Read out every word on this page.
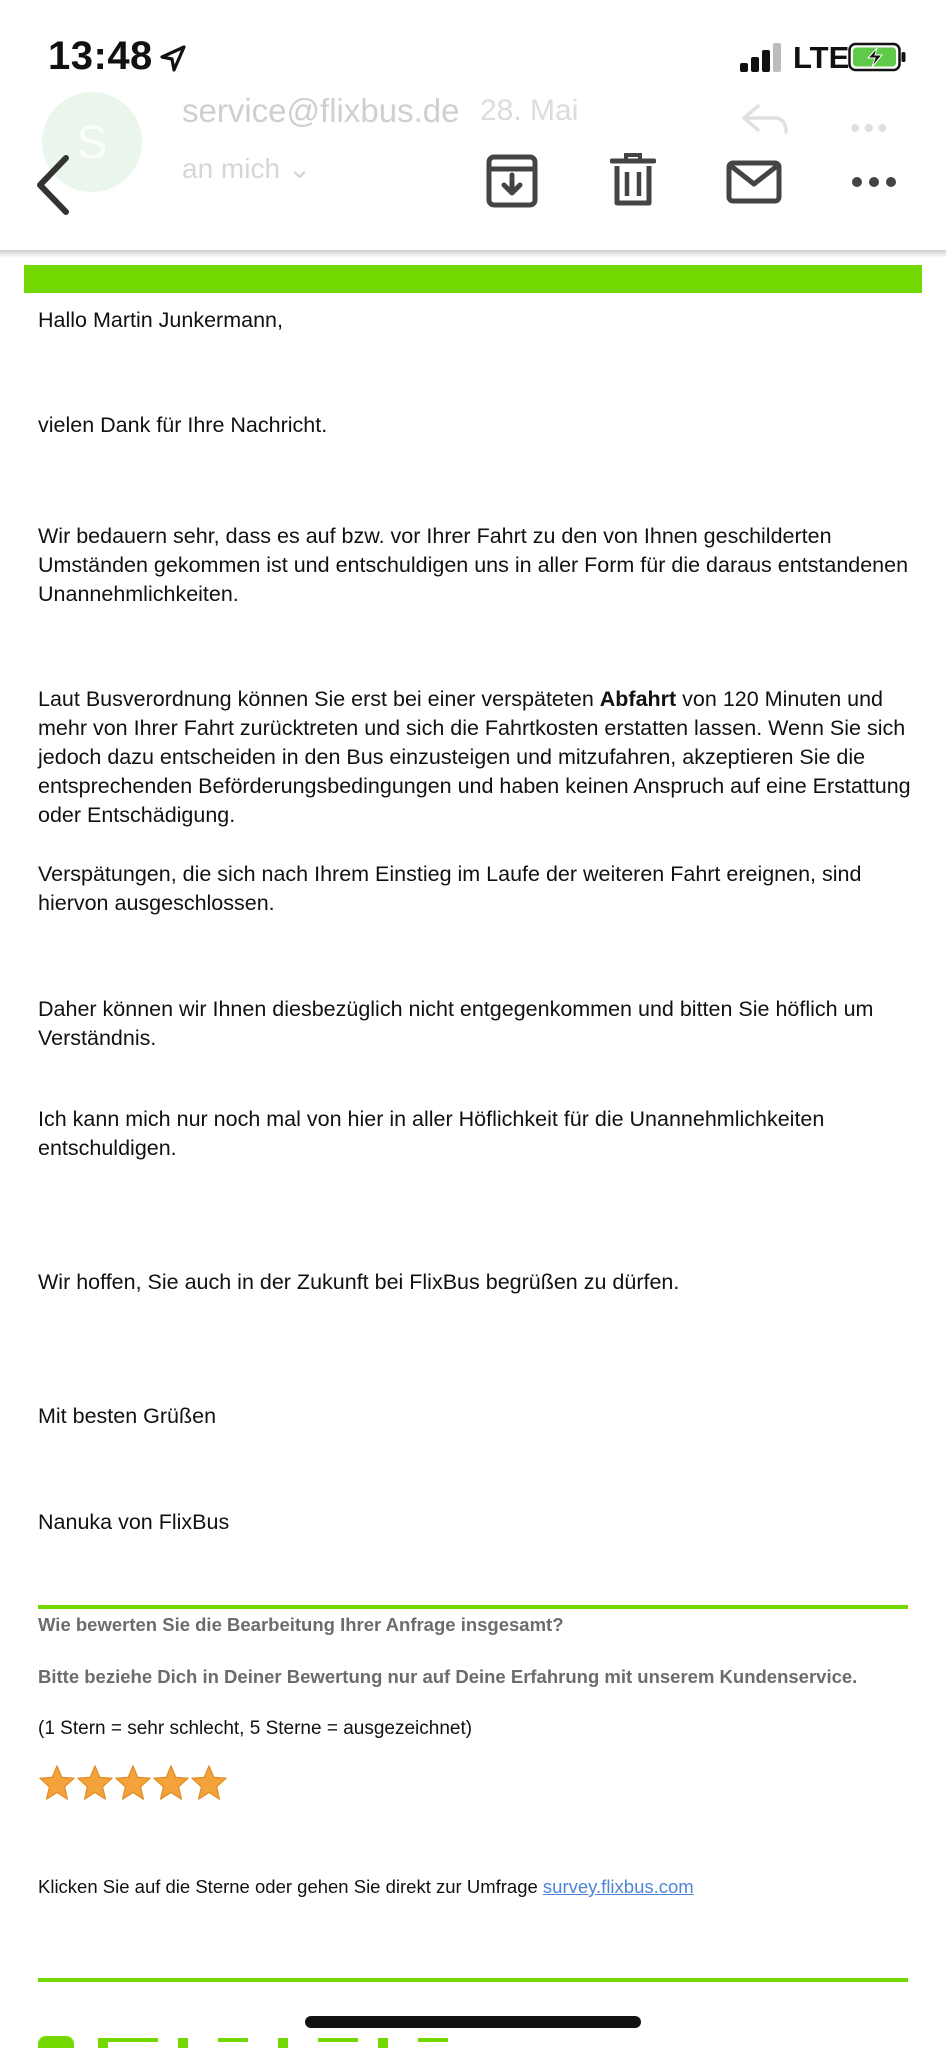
13:48	LTE
S
service@flixbus.de 28. Mai
an mich ⌄
•••
Hallo Martin Junkermann,
vielen Dank für Ihre Nachricht.
Wir bedauern sehr, dass es auf bzw. vor Ihrer Fahrt zu den von Ihnen geschilderten Umständen gekommen ist und entschuldigen uns in aller Form für die daraus entstandenen Unannehmlichkeiten.
Laut Busverordnung können Sie erst bei einer verspäteten Abfahrt von 120 Minuten und mehr von Ihrer Fahrt zurücktreten und sich die Fahrtkosten erstatten lassen. Wenn Sie sich jedoch dazu entscheiden in den Bus einzusteigen und mitzufahren, akzeptieren Sie die entsprechenden Beförderungsbedingungen und haben keinen Anspruch auf eine Erstattung oder Entschädigung.
Verspätungen, die sich nach Ihrem Einstieg im Laufe der weiteren Fahrt ereignen, sind hiervon ausgeschlossen.
Daher können wir Ihnen diesbezüglich nicht entgegenkommen und bitten Sie höflich um Verständnis.
Ich kann mich nur noch mal von hier in aller Höflichkeit für die Unannehmlichkeiten entschuldigen.
Wir hoffen, Sie auch in der Zukunft bei FlixBus begrüßen zu dürfen.
Mit besten Grüßen
Nanuka von FlixBus
Wie bewerten Sie die Bearbeitung Ihrer Anfrage insgesamt?
Bitte beziehe Dich in Deiner Bewertung nur auf Deine Erfahrung mit unserem Kundenservice.
(1 Stern = sehr schlecht, 5 Sterne = ausgezeichnet)
Klicken Sie auf die Sterne oder gehen Sie direkt zur Umfrage survey.flixbus.com
